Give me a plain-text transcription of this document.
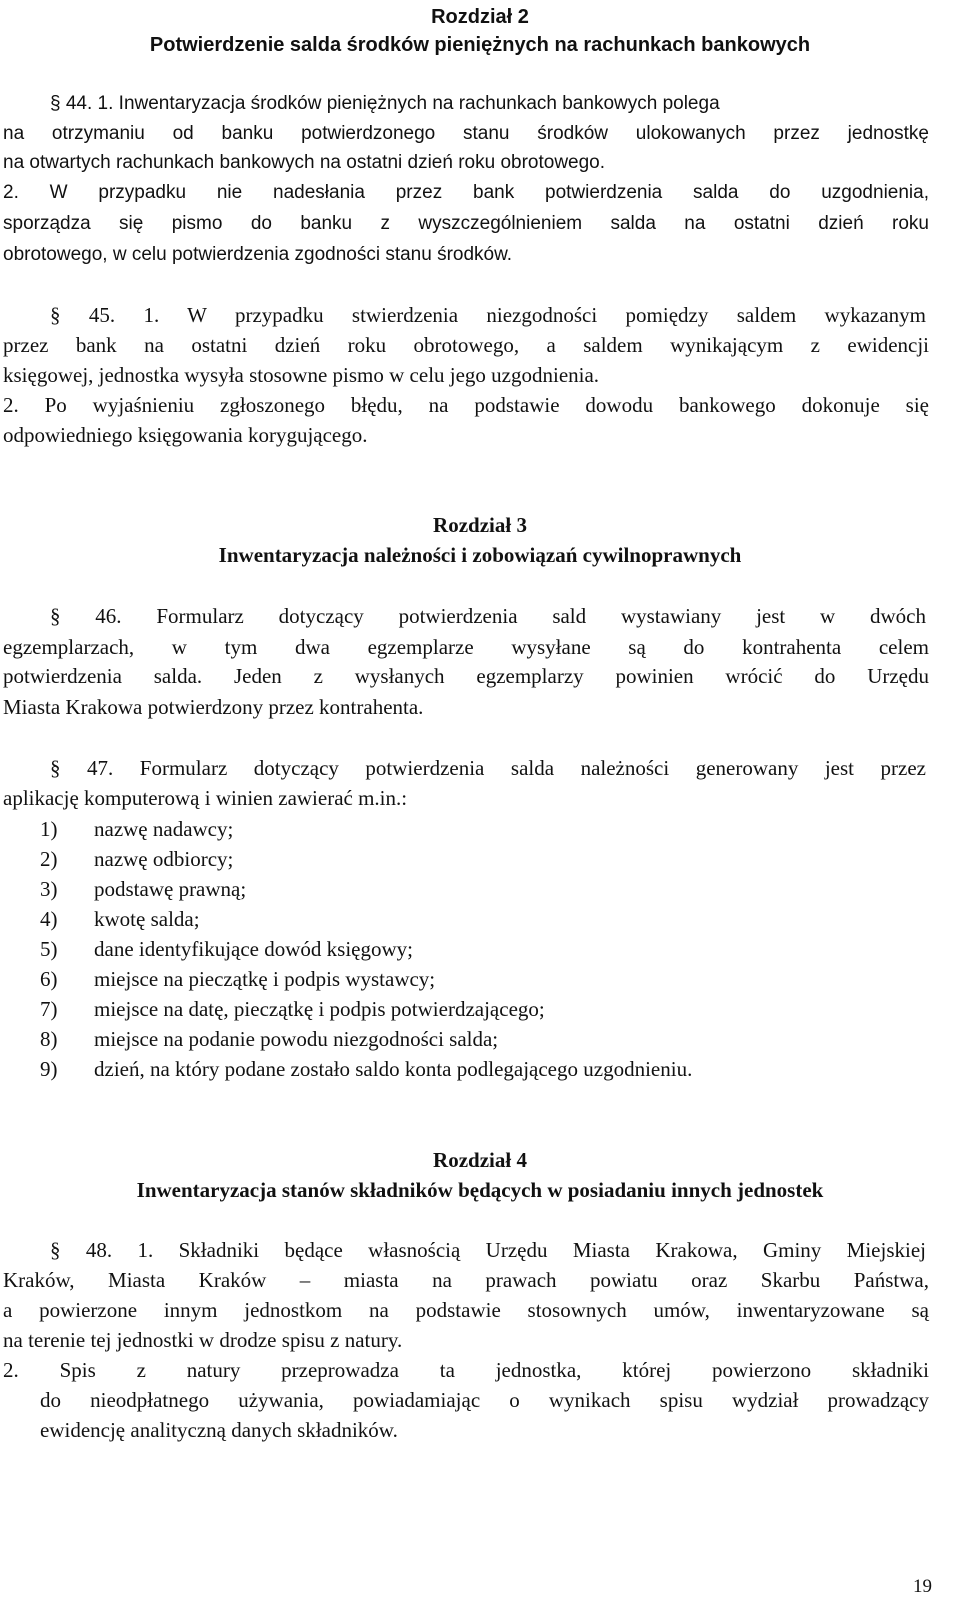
Rozdział 2
Potwierdzenie salda środków pieniężnych na rachunkach bankowych
§ 44. 1. Inwentaryzacja środków pieniężnych na rachunkach bankowych polega
na otrzymaniu od banku potwierdzonego stanu środków ulokowanych przez jednostkę
na otwartych rachunkach bankowych na ostatni dzień roku obrotowego.
2. W przypadku nie nadesłania przez bank potwierdzenia salda do uzgodnienia,
sporządza się pismo do banku z wyszczególnieniem salda na ostatni dzień roku
obrotowego, w celu potwierdzenia zgodności stanu środków.
§ 45. 1. W przypadku stwierdzenia niezgodności pomiędzy saldem wykazanym
przez bank na ostatni dzień roku obrotowego, a saldem wynikającym z ewidencji
księgowej, jednostka wysyła stosowne pismo w celu jego uzgodnienia.
2. Po wyjaśnieniu zgłoszonego błędu, na podstawie dowodu bankowego dokonuje się
odpowiedniego księgowania korygującego.
Rozdział 3
Inwentaryzacja należności i zobowiązań cywilnoprawnych
§ 46. Formularz dotyczący potwierdzenia sald wystawiany jest w dwóch
egzemplarzach, w tym dwa egzemplarze wysyłane są do kontrahenta celem
potwierdzenia salda. Jeden z wysłanych egzemplarzy powinien wrócić do Urzędu
Miasta Krakowa potwierdzony przez kontrahenta.
§ 47. Formularz dotyczący potwierdzenia salda należności generowany jest przez
aplikację komputerową i winien zawierać m.in.:
1) nazwę nadawcy;
2) nazwę odbiorcy;
3) podstawę prawną;
4) kwotę salda;
5) dane identyfikujące dowód księgowy;
6) miejsce na pieczątkę i podpis wystawcy;
7) miejsce na datę, pieczątkę i podpis potwierdzającego;
8) miejsce na podanie powodu niezgodności salda;
9) dzień, na który podane zostało saldo konta podlegającego uzgodnieniu.
Rozdział 4
Inwentaryzacja stanów składników będących w posiadaniu innych jednostek
§ 48. 1. Składniki będące własnością Urzędu Miasta Krakowa, Gminy Miejskiej
Kraków, Miasta Kraków – miasta na prawach powiatu oraz Skarbu Państwa,
a powierzone innym jednostkom na podstawie stosownych umów, inwentaryzowane są
na terenie tej jednostki w drodze spisu z natury.
2. Spis z natury przeprowadza ta jednostka, której powierzono składniki
do nieodpłatnego używania, powiadamiając o wynikach spisu wydział prowadzący
ewidencję analityczną danych składników.
19
